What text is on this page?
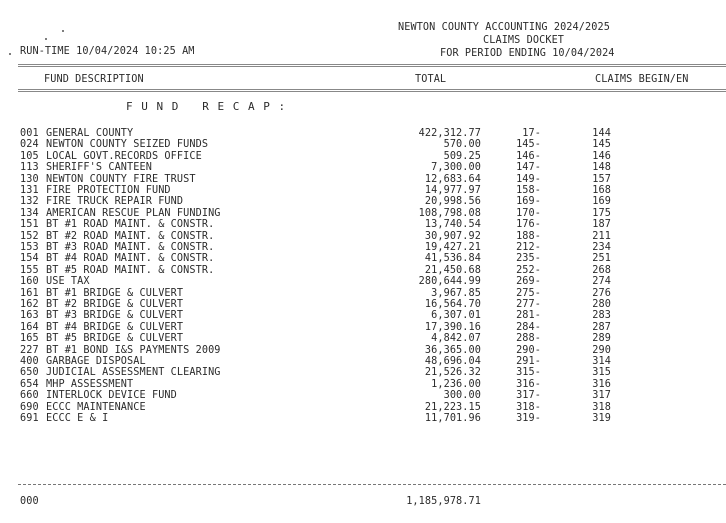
NEWTON COUNTY ACCOUNTING 2024/2025
CLAIMS DOCKET
FOR PERIOD ENDING 10/04/2024
RUN-TIME 10/04/2024 10:25 AM
FUND DESCRIPTION	TOTAL	CLAIMS BEGIN/EN
F U N D   R E C A P :
001 GENERAL COUNTY	422,312.77	17-	144
024 NEWTON COUNTY SEIZED FUNDS	570.00	145-	145
105 LOCAL GOVT.RECORDS OFFICE	509.25	146-	146
113 SHERIFF'S CANTEEN	7,300.00	147-	148
130 NEWTON COUNTY FIRE TRUST	12,683.64	149-	157
131 FIRE PROTECTION FUND	14,977.97	158-	168
132 FIRE TRUCK REPAIR FUND	20,998.56	169-	169
134 AMERICAN RESCUE PLAN FUNDING	108,798.08	170-	175
151 BT #1 ROAD MAINT. & CONSTR.	13,740.54	176-	187
152 BT #2 ROAD MAINT. & CONSTR.	30,907.92	188-	211
153 BT #3 ROAD MAINT. & CONSTR.	19,427.21	212-	234
154 BT #4 ROAD MAINT. & CONSTR.	41,536.84	235-	251
155 BT #5 ROAD MAINT. & CONSTR.	21,450.68	252-	268
160 USE TAX	280,644.99	269-	274
161 BT #1 BRIDGE & CULVERT	3,967.85	275-	276
162 BT #2 BRIDGE & CULVERT	16,564.70	277-	280
163 BT #3 BRIDGE & CULVERT	6,307.01	281-	283
164 BT #4 BRIDGE & CULVERT	17,390.16	284-	287
165 BT #5 BRIDGE & CULVERT	4,842.07	288-	289
227 BT #1 BOND I&S PAYMENTS 2009	36,365.00	290-	290
400 GARBAGE DISPOSAL	48,696.04	291-	314
650 JUDICIAL ASSESSMENT CLEARING	21,526.32	315-	315
654 MHP ASSESSMENT	1,236.00	316-	316
660 INTERLOCK DEVICE FUND	300.00	317-	317
690 ECCC MAINTENANCE	21,223.15	318-	318
691 ECCC E & I	11,701.96	319-	319
000	1,185,978.71
